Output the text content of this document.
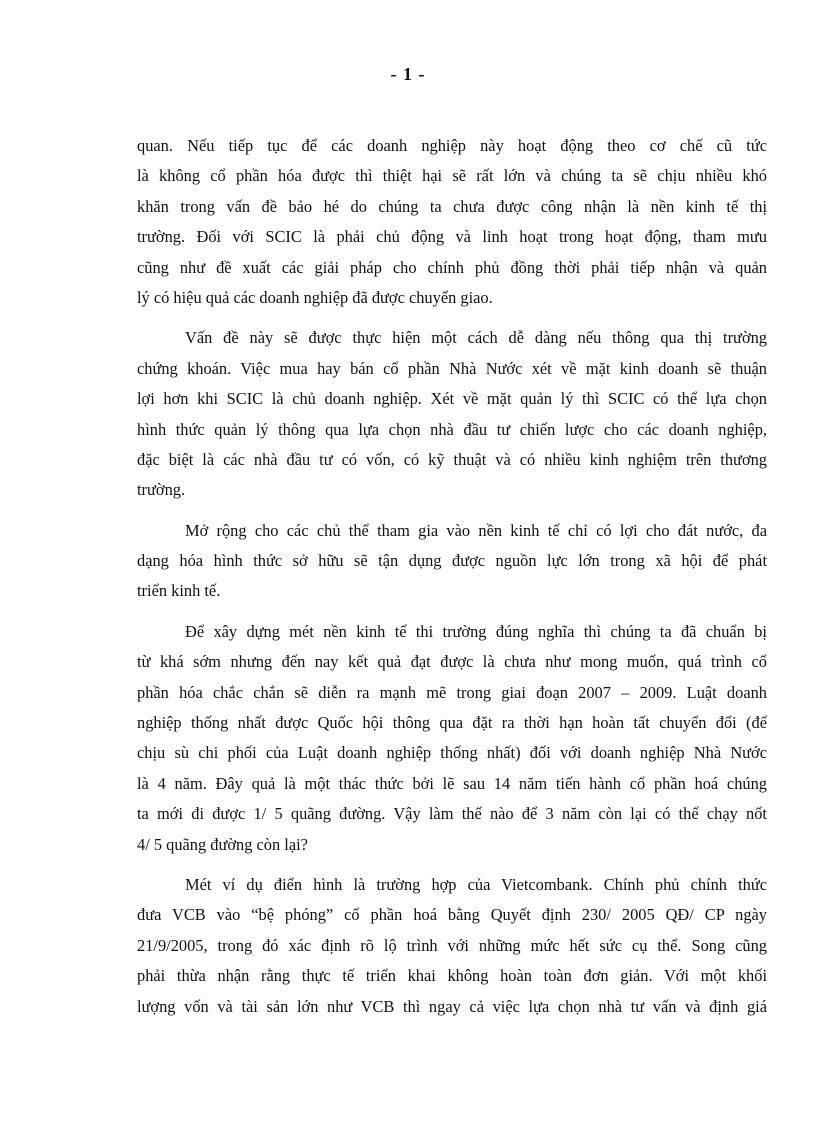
- 1 -
quan. Nếu tiếp tục để các doanh nghiệp này hoạt động theo cơ chế cũ tức
là không cổ phần hóa được thì thiệt hại sẽ rất lớn và chúng ta sẽ chịu nhiều khó
khăn trong vấn đề bảo hé do chúng ta chưa được công nhận là nền kinh tế thị
trường. Đối với SCIC là phải chủ động và linh hoạt trong hoạt động, tham mưu
cũng như đề xuất các giải pháp cho chính phủ đồng thời phải tiếp nhận và quản
lý có hiệu quả các doanh nghiệp đã được chuyển giao.
Vấn đề này sẽ được thực hiện một cách dễ dàng nếu thông qua thị trường
chứng khoán. Việc mua hay bán cổ phần Nhà Nước xét về mặt kinh doanh sẽ thuận
lợi hơn khi SCIC là chủ doanh nghiệp. Xét về mặt quản lý thì SCIC có thể lựa chọn
hình thức quản lý thông qua lựa chọn nhà đầu tư chiến lược cho các doanh nghiệp,
đặc biệt là các nhà đầu tư có vốn, có kỹ thuật và có nhiều kinh nghiệm trên thương
trường.
Mở rộng cho các chủ thể tham gia vào nền kinh tế chỉ có lợi cho đát nước, đa
dạng hóa hình thức sở hữu sẽ tận dụng được nguồn lực lớn trong xã hội để phát
triển kinh tế.
Để xây dựng mét nền kinh tế thi trường đúng nghĩa thì chúng ta đã chuẩn bị
từ khá sớm nhưng đến nay kết quả đạt được là chưa như mong muốn, quá trình cổ
phần hóa chắc chắn sẽ diễn ra mạnh mẽ trong giai đoạn 2007 – 2009. Luật doanh
nghiệp thống nhất được Quốc hội thông qua đặt ra thời hạn hoàn tất chuyển đổi (để
chịu sù chi phối của Luật doanh nghiệp thống nhất) đối với doanh nghiệp Nhà Nước
là 4 năm. Đây quả là một thác thức bởi lẽ sau 14 năm tiến hành cổ phần hoá chúng
ta mới đi được 1/ 5 quãng đường. Vậy làm thế nào để 3 năm còn lại có thể chạy nốt
4/ 5 quãng đường còn lại?
Mét ví dụ điển hình là trường hợp của Vietcombank. Chính phủ chính thức
đưa VCB vào “bệ phóng” cổ phần hoá bằng Quyết định 230/ 2005 QĐ/ CP ngày
21/9/2005, trong đó xác định rõ lộ trình với những mức hết sức cụ thể. Song cũng
phải thừa nhận rằng thực tế triển khai không hoàn toàn đơn giản. Với một khối
lượng vốn và tài sản lớn như VCB thì ngay cả việc lựa chọn nhà tư vấn và định giá
